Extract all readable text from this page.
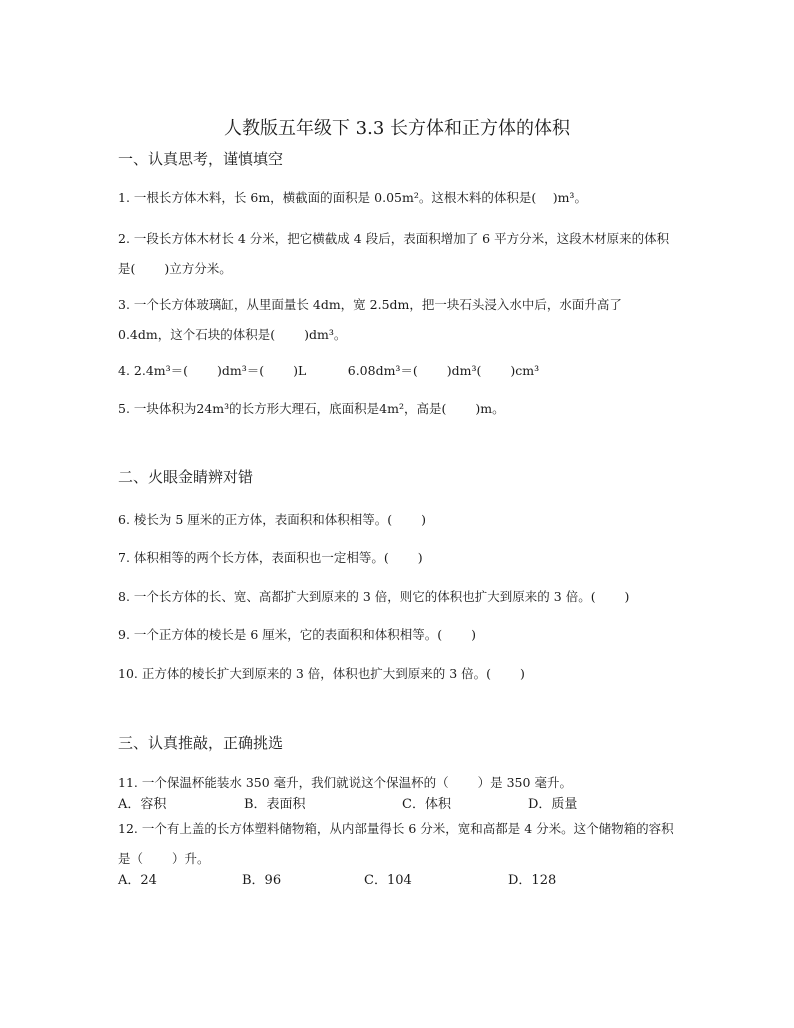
人教版五年级下 3.3 长方体和正方体的体积
一、认真思考，谨慎填空
1. 一根长方体木料，长 6m，横截面的面积是 0.05m²。这根木料的体积是(　 )m³。
2. 一段长方体木材长 4 分米，把它横截成 4 段后，表面积增加了 6 平方分米，这段木材原来的体积是(　 　)立方分米。
3. 一个长方体玻璃缸，从里面量长 4dm，宽 2.5dm，把一块石头浸入水中后，水面升高了 0.4dm，这个石块的体积是(　 　)dm³。
4. 2.4m³＝(　 　)dm³＝(　 　)L　　　 6.08dm³＝(　 　)dm³(　 　)cm³
5. 一块体积为24m³的长方形大理石，底面积是4m²，高是(　 　)m。
二、火眼金睛辨对错
6. 棱长为 5 厘米的正方体，表面积和体积相等。(　 　)
7. 体积相等的两个长方体，表面积也一定相等。(　 　)
8. 一个长方体的长、宽、高都扩大到原来的 3 倍，则它的体积也扩大到原来的 3 倍。(　 　)
9. 一个正方体的棱长是 6 厘米，它的表面积和体积相等。(　 　)
10. 正方体的棱长扩大到原来的 3 倍，体积也扩大到原来的 3 倍。(　 　)
三、认真推敲，正确挑选
11. 一个保温杯能装水 350 毫升，我们就说这个保温杯的（　 　）是 350 毫升。
A．容积	B．表面积	C．体积	D．质量
12. 一个有上盖的长方体塑料储物箱，从内部量得长 6 分米，宽和高都是 4 分米。这个储物箱的容积是（　 　）升。
A．24	B．96	C．104	D．128
